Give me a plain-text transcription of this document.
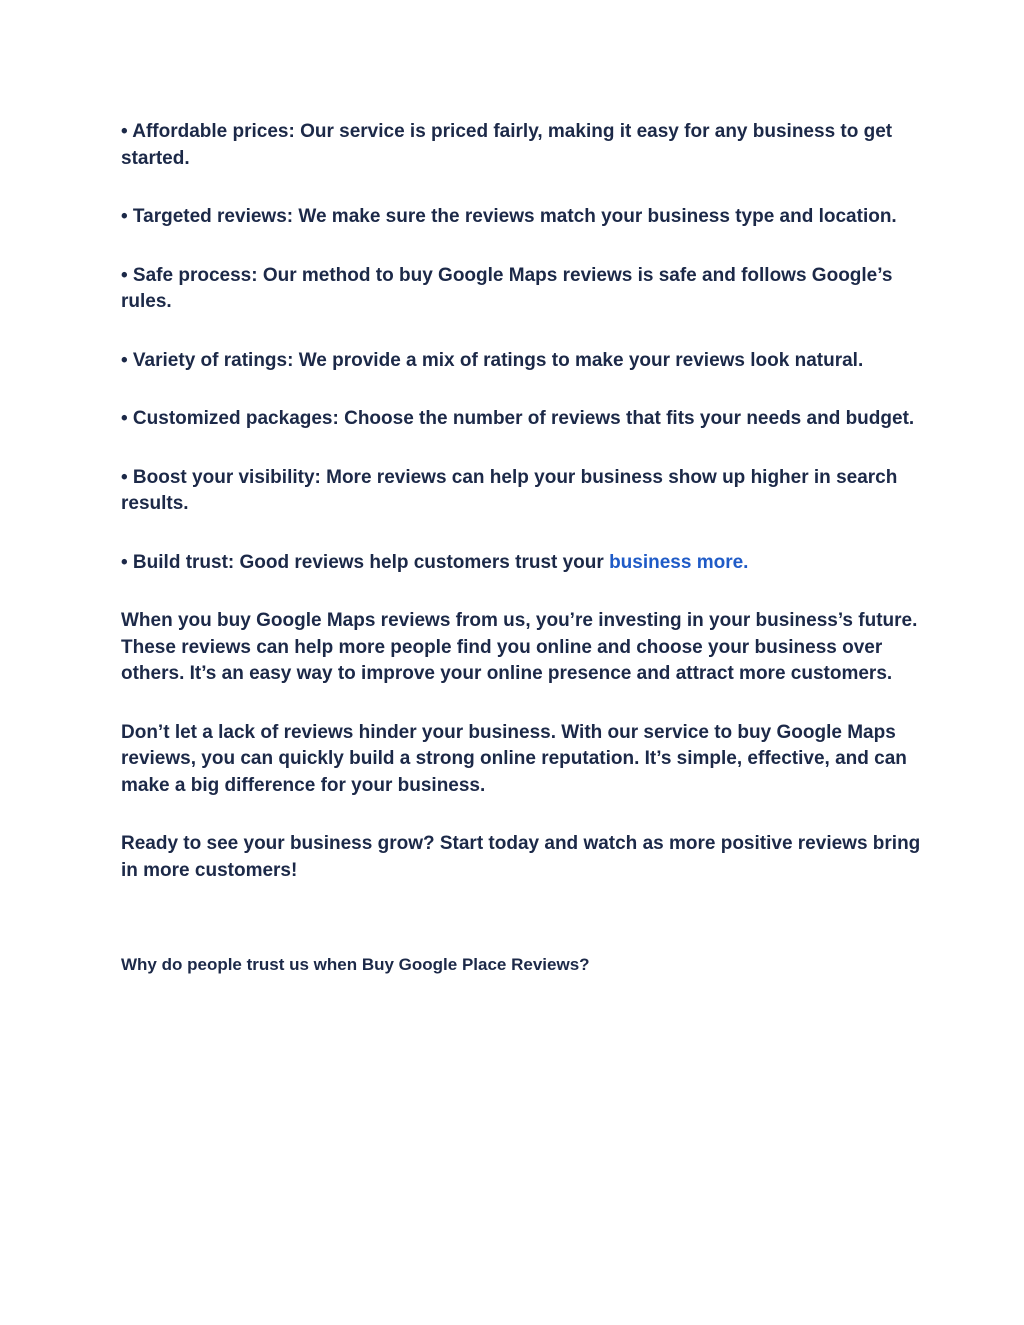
• Affordable prices: Our service is priced fairly, making it easy for any business to get started.

• Targeted reviews: We make sure the reviews match your business type and location.

• Safe process: Our method to buy Google Maps reviews is safe and follows Google’s rules.

• Variety of ratings: We provide a mix of ratings to make your reviews look natural.

• Customized packages: Choose the number of reviews that fits your needs and budget.

• Boost your visibility: More reviews can help your business show up higher in search results.

• Build trust: Good reviews help customers trust your business more.

When you buy Google Maps reviews from us, you’re investing in your business’s future. These reviews can help more people find you online and choose your business over others. It’s an easy way to improve your online presence and attract more customers.

Don’t let a lack of reviews hinder your business. With our service to buy Google Maps reviews, you can quickly build a strong online reputation. It’s simple, effective, and can make a big difference for your business.

Ready to see your business grow? Start today and watch as more positive reviews bring in more customers!

Why do people trust us when Buy Google Place Reviews?
